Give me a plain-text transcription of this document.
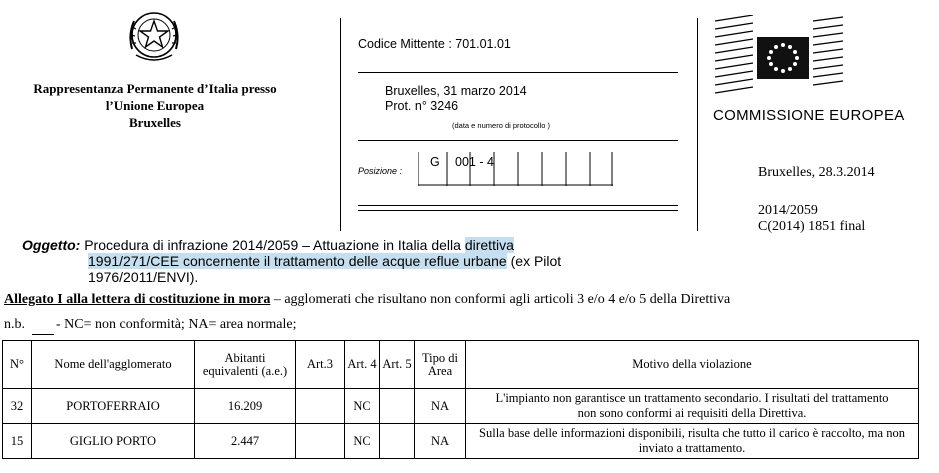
Rappresentanza Permanente d’Italia presso
l’Unione Europea
Bruxelles
Codice Mittente : 701.01.01
Bruxelles, 31 marzo 2014
Prot. n° 3246
(data e numero di protocollo )
Posizione :
G 001 - 4
COMMISSIONE EUROPEA
Bruxelles, 28.3.2014
2014/2059
C(2014) 1851 final
Oggetto: Procedura di infrazione 2014/2059 – Attuazione in Italia della direttiva
1991/271/CEE concernente il trattamento delle acque reflue urbane (ex Pilot 1976/2011/ENVI).
Allegato I alla lettera di costituzione in mora – agglomerati che risultano non conformi agli articoli 3 e/o 4 e/o 5 della Direttiva
n.b. - NC= non conformità; NA= area normale;
N°	Nome dell'agglomerato	Abitanti equivalenti (a.e.)	Art.3	Art. 4	Art. 5	Tipo di Area	Motivo della violazione
32	PORTOFERRAIO	16.209		NC		NA	L'impianto non garantisce un trattamento secondario. I risultati del trattamento non sono conformi ai requisiti della Direttiva.
15	GIGLIO PORTO	2.447		NC		NA	Sulla base delle informazioni disponibili, risulta che tutto il carico è raccolto, ma non inviato a trattamento.
